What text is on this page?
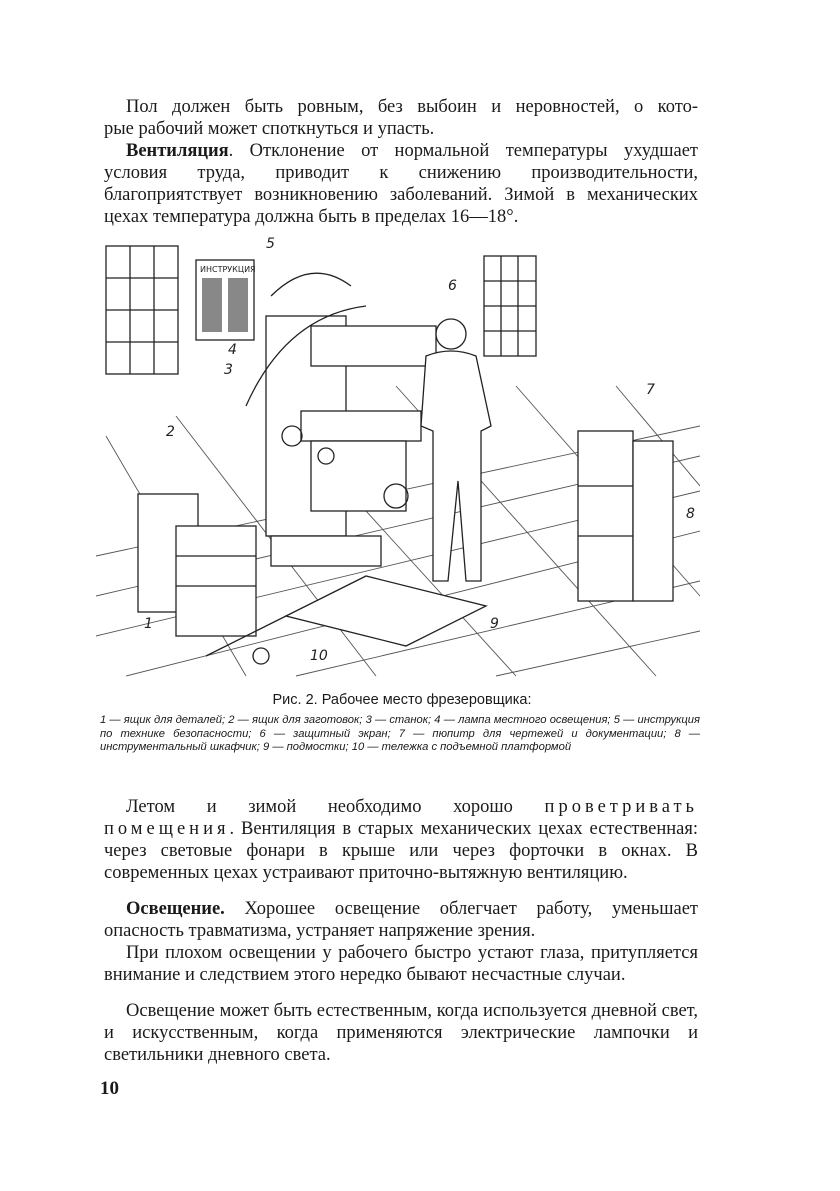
Пол должен быть ровным, без выбоин и неровностей, о кото-
рые рабочий может споткнуться и упасть.

Вентиляция. Отклонение от нормальной температуры ухудшает условия труда, приводит к снижению производительности, благоприятствует возникновению заболеваний. Зимой в механических цехах температура должна быть в пределах 16—18°.

ИНСТРУКЦИЯ
5
6
4
3
2
7
8
1	9
10
Рис. 2. Рабочее место фрезеровщика:
1 — ящик для деталей; 2 — ящик для заготовок; 3 — станок; 4 — лампа местного освещения; 5 — инструкция по технике безопасности; 6 — защитный экран; 7 — пюпитр для чертежей и документации; 8 — инструментальный шкафчик; 9 — подмостки; 10 — тележка с подъемной платформой

Летом и зимой необходимо хорошо проветривать помещения. Вентиляция в старых механических цехах естественная: через световые фонари в крыше или через форточки в окнах. В современных цехах устраивают приточно-вытяжную вентиляцию.

Освещение. Хорошее освещение облегчает работу, уменьшает опасность травматизма, устраняет напряжение зрения.

При плохом освещении у рабочего быстро устают глаза, притупляется внимание и следствием этого нередко бывают несчастные случаи.

Освещение может быть естественным, когда используется дневной свет, и искусственным, когда применяются электрические лампочки и светильники дневного света.

10
